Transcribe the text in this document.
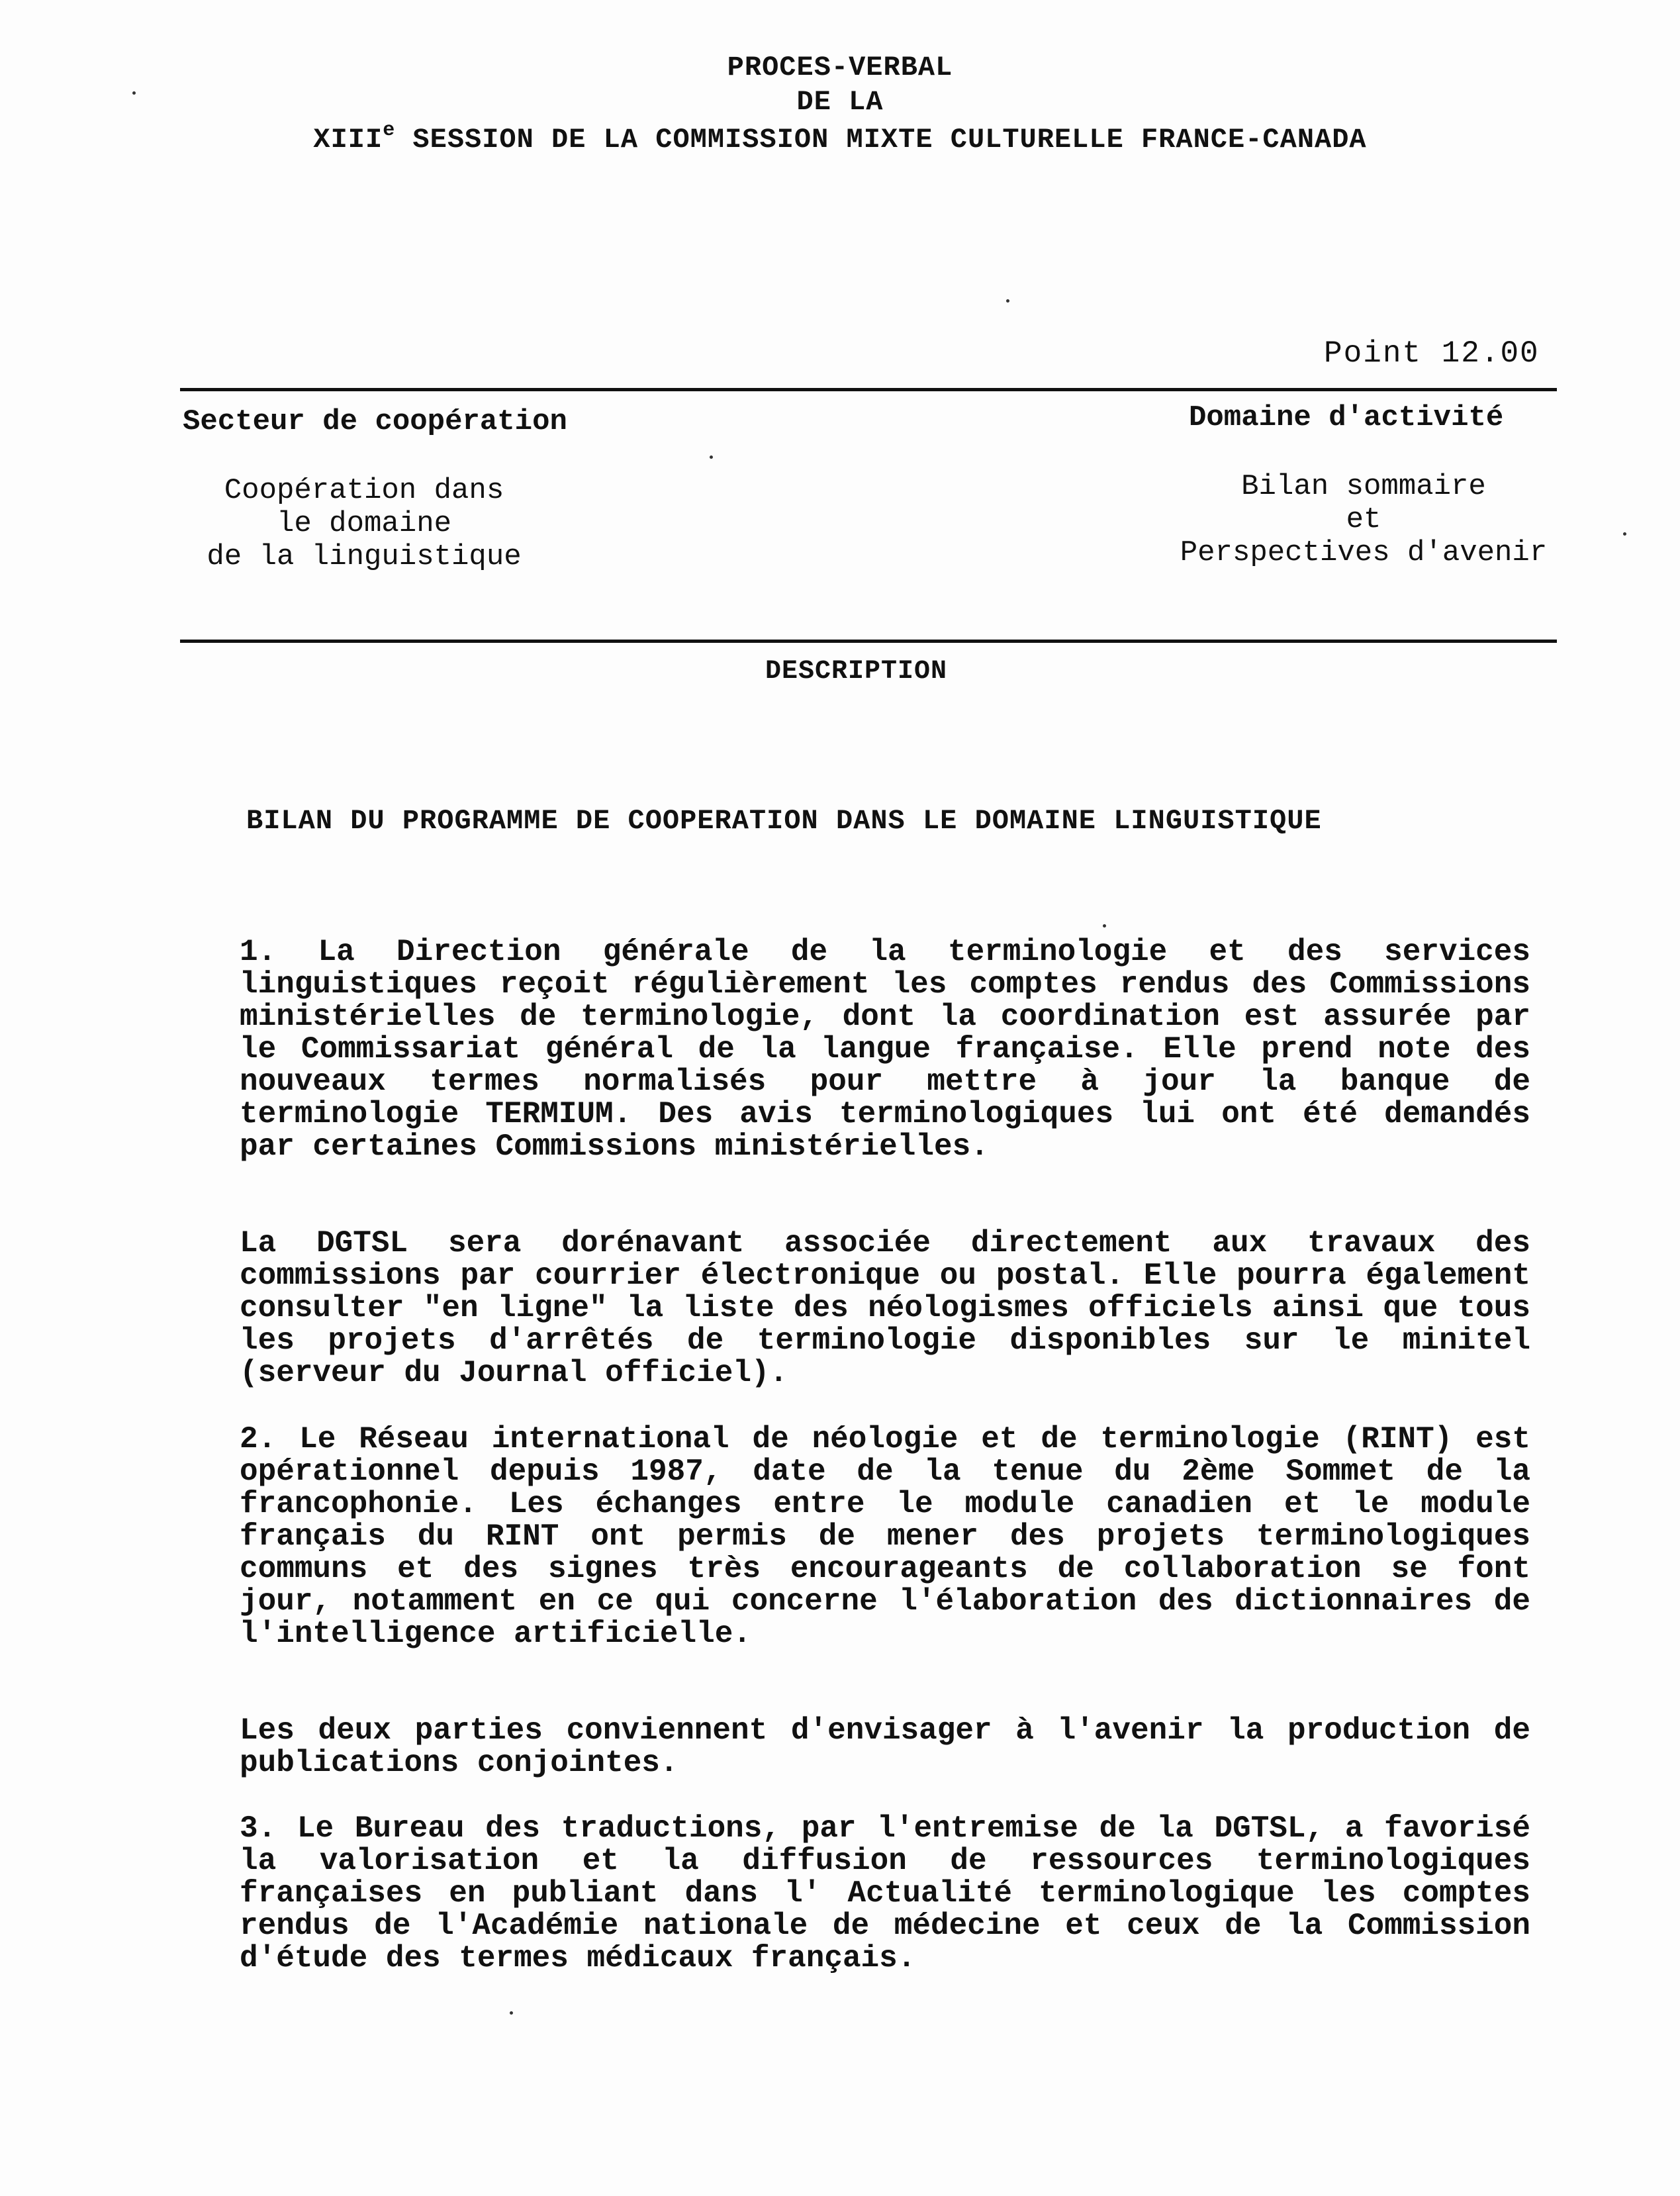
PROCES-VERBAL
DE LA
XIIIe SESSION DE LA COMMISSION MIXTE CULTURELLE FRANCE-CANADA
Point 12.00
Secteur de coopération	Domaine d'activité
Coopération dans
le domaine
de la linguistique
Bilan sommaire
et
Perspectives d'avenir
DESCRIPTION
BILAN DU PROGRAMME DE COOPERATION DANS LE DOMAINE LINGUISTIQUE

1. La Direction générale de la terminologie et des services linguistiques reçoit régulièrement les comptes rendus des Commissions ministérielles de terminologie, dont la coordination est assurée par le Commissariat général de la langue française. Elle prend note des nouveaux termes normalisés pour mettre à jour la banque de terminologie TERMIUM. Des avis terminologiques lui ont été demandés par certaines Commissions ministérielles.

La DGTSL sera dorénavant associée directement aux travaux des commissions par courrier électronique ou postal. Elle pourra également consulter "en ligne" la liste des néologismes officiels ainsi que tous les projets d'arrêtés de terminologie disponibles sur le minitel (serveur du Journal officiel).

2. Le Réseau international de néologie et de terminologie (RINT) est opérationnel depuis 1987, date de la tenue du 2ème Sommet de la francophonie. Les échanges entre le module canadien et le module français du RINT ont permis de mener des projets terminologiques communs et des signes très encourageants de collaboration se font jour, notamment en ce qui concerne l'élaboration des dictionnaires de l'intelligence artificielle.

Les deux parties conviennent d'envisager à l'avenir la production de publications conjointes.

3. Le Bureau des traductions, par l'entremise de la DGTSL, a favorisé la valorisation et la diffusion de ressources terminologiques françaises en publiant dans l' Actualité terminologique les comptes rendus de l'Académie nationale de médecine et ceux de la Commission d'étude des termes médicaux français.
